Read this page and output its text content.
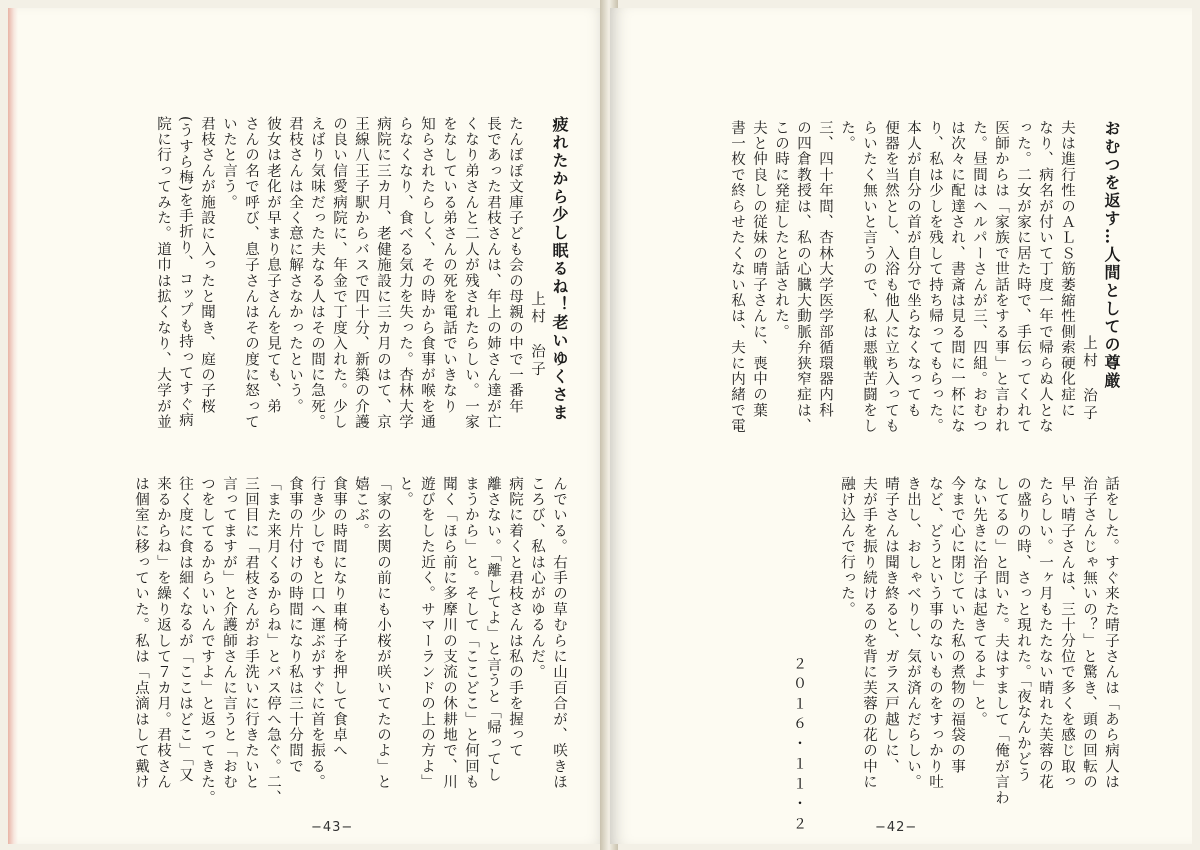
疲れたから少し眠るね！老いゆくさま
上村　治子
たんぽぽ文庫子ども会の母親の中で一番年
長であった君枝さんは、年上の姉さん達が亡
くなり弟さんと二人が残されたらしい。一家
をなしている弟さんの死を電話でいきなり
知らされたらしく、その時から食事が喉を通
らなくなり、食べる気力を失った。杏林大学
病院に三カ月、老健施設に三カ月のはて、京
王線八王子駅からバスで四十分、新築の介護
の良い信愛病院に、年金で丁度入れた。少し
えばり気味だった夫なる人はその間に急死。
君枝さんは全く意に解さなかったという。
彼女は老化が早まり息子さんを見ても、弟
さんの名で呼び、息子さんはその度に怒って
いたと言う。
君枝さんが施設に入ったと聞き、庭の子桜
(うすら梅)を手折り、コップも持ってすぐ病
院に行ってみた。道巾は拡くなり、大学が並
んでいる。右手の草むらに山百合が、咲きほ
ころび、私は心がゆるんだ。
病院に着くと君枝さんは私の手を握って
離さない。「離してよ」と言うと「帰ってし
まうから」と。そして「ここどこ」と何回も
聞く「ほら前に多摩川の支流の休耕地で、川
遊びをした近く。サマーランドの上の方よ」
と。
「家の玄関の前にも小桜が咲いてたのよ」と
嬉こぶ。
食事の時間になり車椅子を押して食卓へ
行き少しでもと口へ運ぶがすぐに首を振る。
食事の片付けの時間になり私は三十分間で
「また来月くるからね」とバス停へ急ぐ。二、
三回目に「君枝さんがお手洗いに行きたいと
言ってますが」と介護師さんに言うと「おむ
つをしてるからいいんですよ」と返ってきた。
往く度に食は細くなるが「ここはどこ」「又
来るからね」を繰り返して７カ月。君枝さん
は個室に移っていた。私は「点滴はして戴け
−43−
おむつを返す…人間としての尊厳
上村　治子
夫は進行性のＡＬＳ筋萎縮性側索硬化症に
なり、病名が付いて丁度一年で帰らぬ人とな
った。二女が家に居た時で、手伝ってくれて
医師からは「家族で世話をする事」と言われ
た。昼間はヘルパーさんが三、四組。おむつ
は次々に配達され、書斎は見る間に一杯にな
り、私は少しを残して持ち帰ってもらった。
本人が自分の首が自分で坐らなくなっても
便器を当然とし、入浴も他人に立ち入っても
らいたく無いと言うので、私は悪戦苦闘をし
た。
三、四十年間、杏林大学医学部循環器内科
の四倉教授は、私の心臓大動脈弁狭窄症は、
この時に発症したと話された。
夫と仲良しの従妹の晴子さんに、喪中の葉
書一枚で終らせたくない私は、夫に内緒で電
話をした。すぐ来た晴子さんは「あら病人は
治子さんじゃ無いの？」と驚き、頭の回転の
早い晴子さんは、三十分位で多くを感じ取っ
たらしい。一ヶ月もたたない晴れた芙蓉の花
の盛りの時、さっと現れた。「夜なんかどう
してるの」と問いた。夫はすまして「俺が言わ
ない先きに治子は起きてるよ」と。
今まで心に閉じていた私の煮物の福袋の事
など、どうという事のないものをすっかり吐
き出し、おしゃべりし、気が済んだらしい。
晴子さんは聞き終ると、ガラス戸越しに、
夫が手を振り続けるのを背に芙蓉の花の中に
融け込んで行った。
２０１６・１１・２	−42−
